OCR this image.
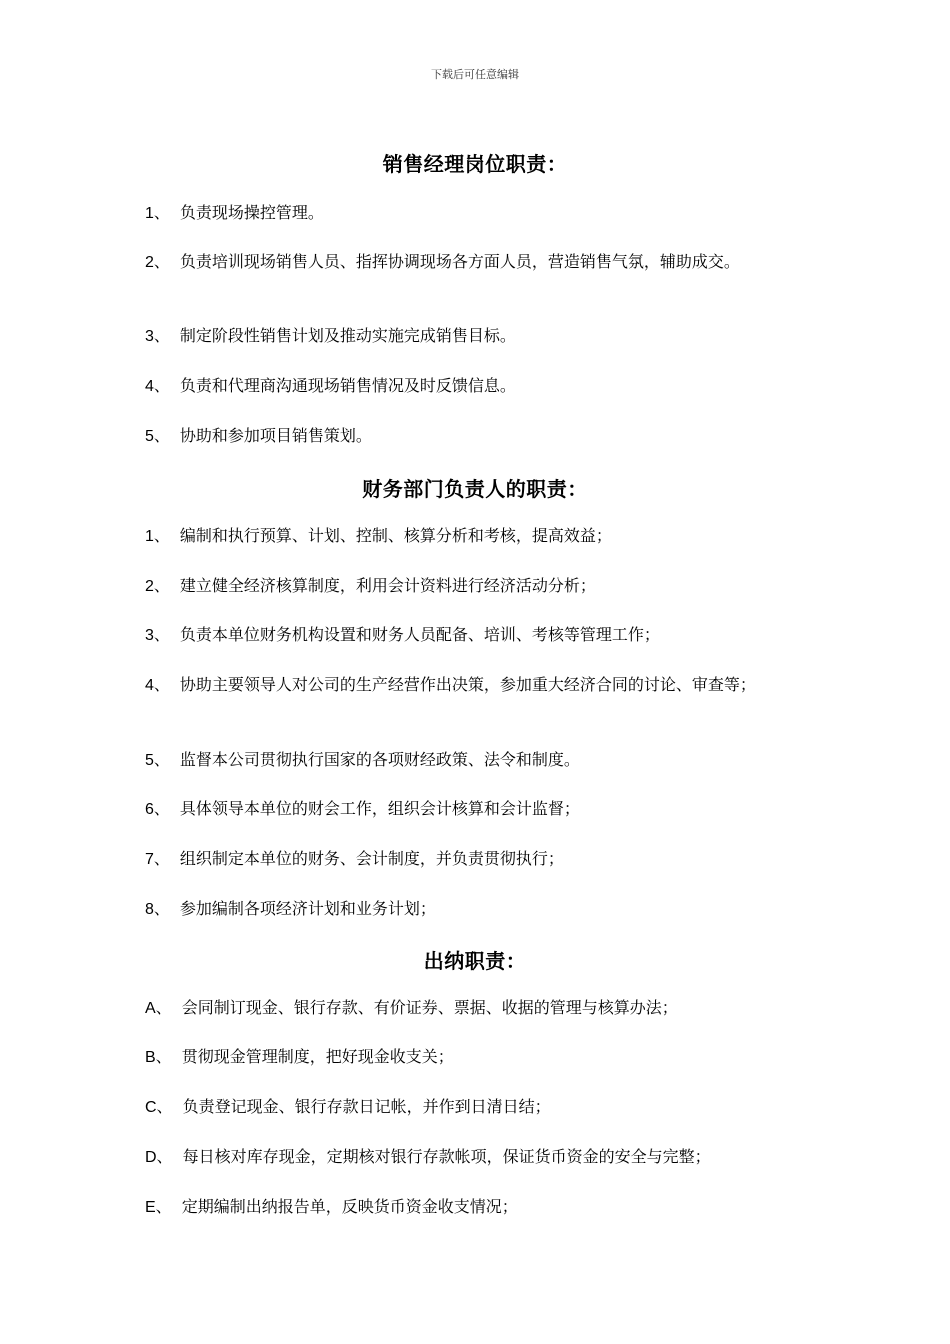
下载后可任意编辑
销售经理岗位职责：
1、 负责现场操控管理。
2、 负责培训现场销售人员、指挥协调现场各方面人员，营造销售气氛，辅助成交。
3、 制定阶段性销售计划及推动实施完成销售目标。
4、 负责和代理商沟通现场销售情况及时反馈信息。
5、 协助和参加项目销售策划。
财务部门负责人的职责：
1、 编制和执行预算、计划、控制、核算分析和考核，提高效益；
2、 建立健全经济核算制度，利用会计资料进行经济活动分析；
3、 负责本单位财务机构设置和财务人员配备、培训、考核等管理工作；
4、 协助主要领导人对公司的生产经营作出决策，参加重大经济合同的讨论、审查等；
5、 监督本公司贯彻执行国家的各项财经政策、法令和制度。
6、 具体领导本单位的财会工作，组织会计核算和会计监督；
7、 组织制定本单位的财务、会计制度，并负责贯彻执行；
8、 参加编制各项经济计划和业务计划；
出纳职责：
A、 会同制订现金、银行存款、有价证券、票据、收据的管理与核算办法；
B、 贯彻现金管理制度，把好现金收支关；
C、 负责登记现金、银行存款日记帐，并作到日清日结；
D、 每日核对库存现金，定期核对银行存款帐项，保证货币资金的安全与完整；
E、 定期编制出纳报告单，反映货币资金收支情况；
